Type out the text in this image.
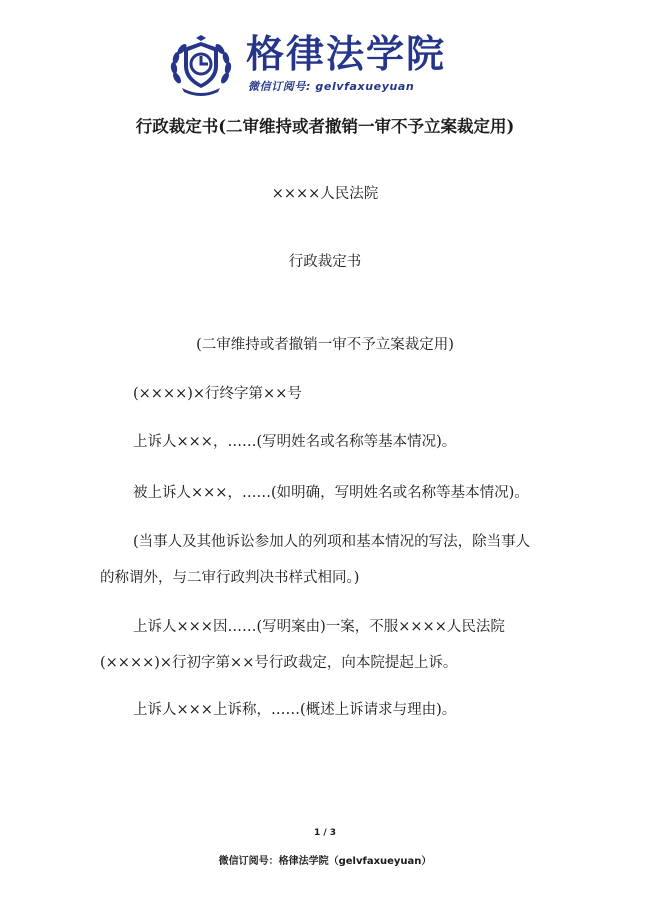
格律法学院
微信订阅号: gelvfaxueyuan
行政裁定书(二审维持或者撤销一审不予立案裁定用)
××××人民法院
行政裁定书
(二审维持或者撤销一审不予立案裁定用)
(××××)×行终字第××号
上诉人×××，……(写明姓名或名称等基本情况)。
被上诉人×××，……(如明确，写明姓名或名称等基本情况)。
(当事人及其他诉讼参加人的列项和基本情况的写法，除当事人
的称谓外，与二审行政判决书样式相同。)
上诉人×××因……(写明案由)一案，不服××××人民法院
(××××)×行初字第××号行政裁定，向本院提起上诉。
上诉人×××上诉称，……(概述上诉请求与理由)。
1 / 3
微信订阅号：格律法学院（gelvfaxueyuan）
